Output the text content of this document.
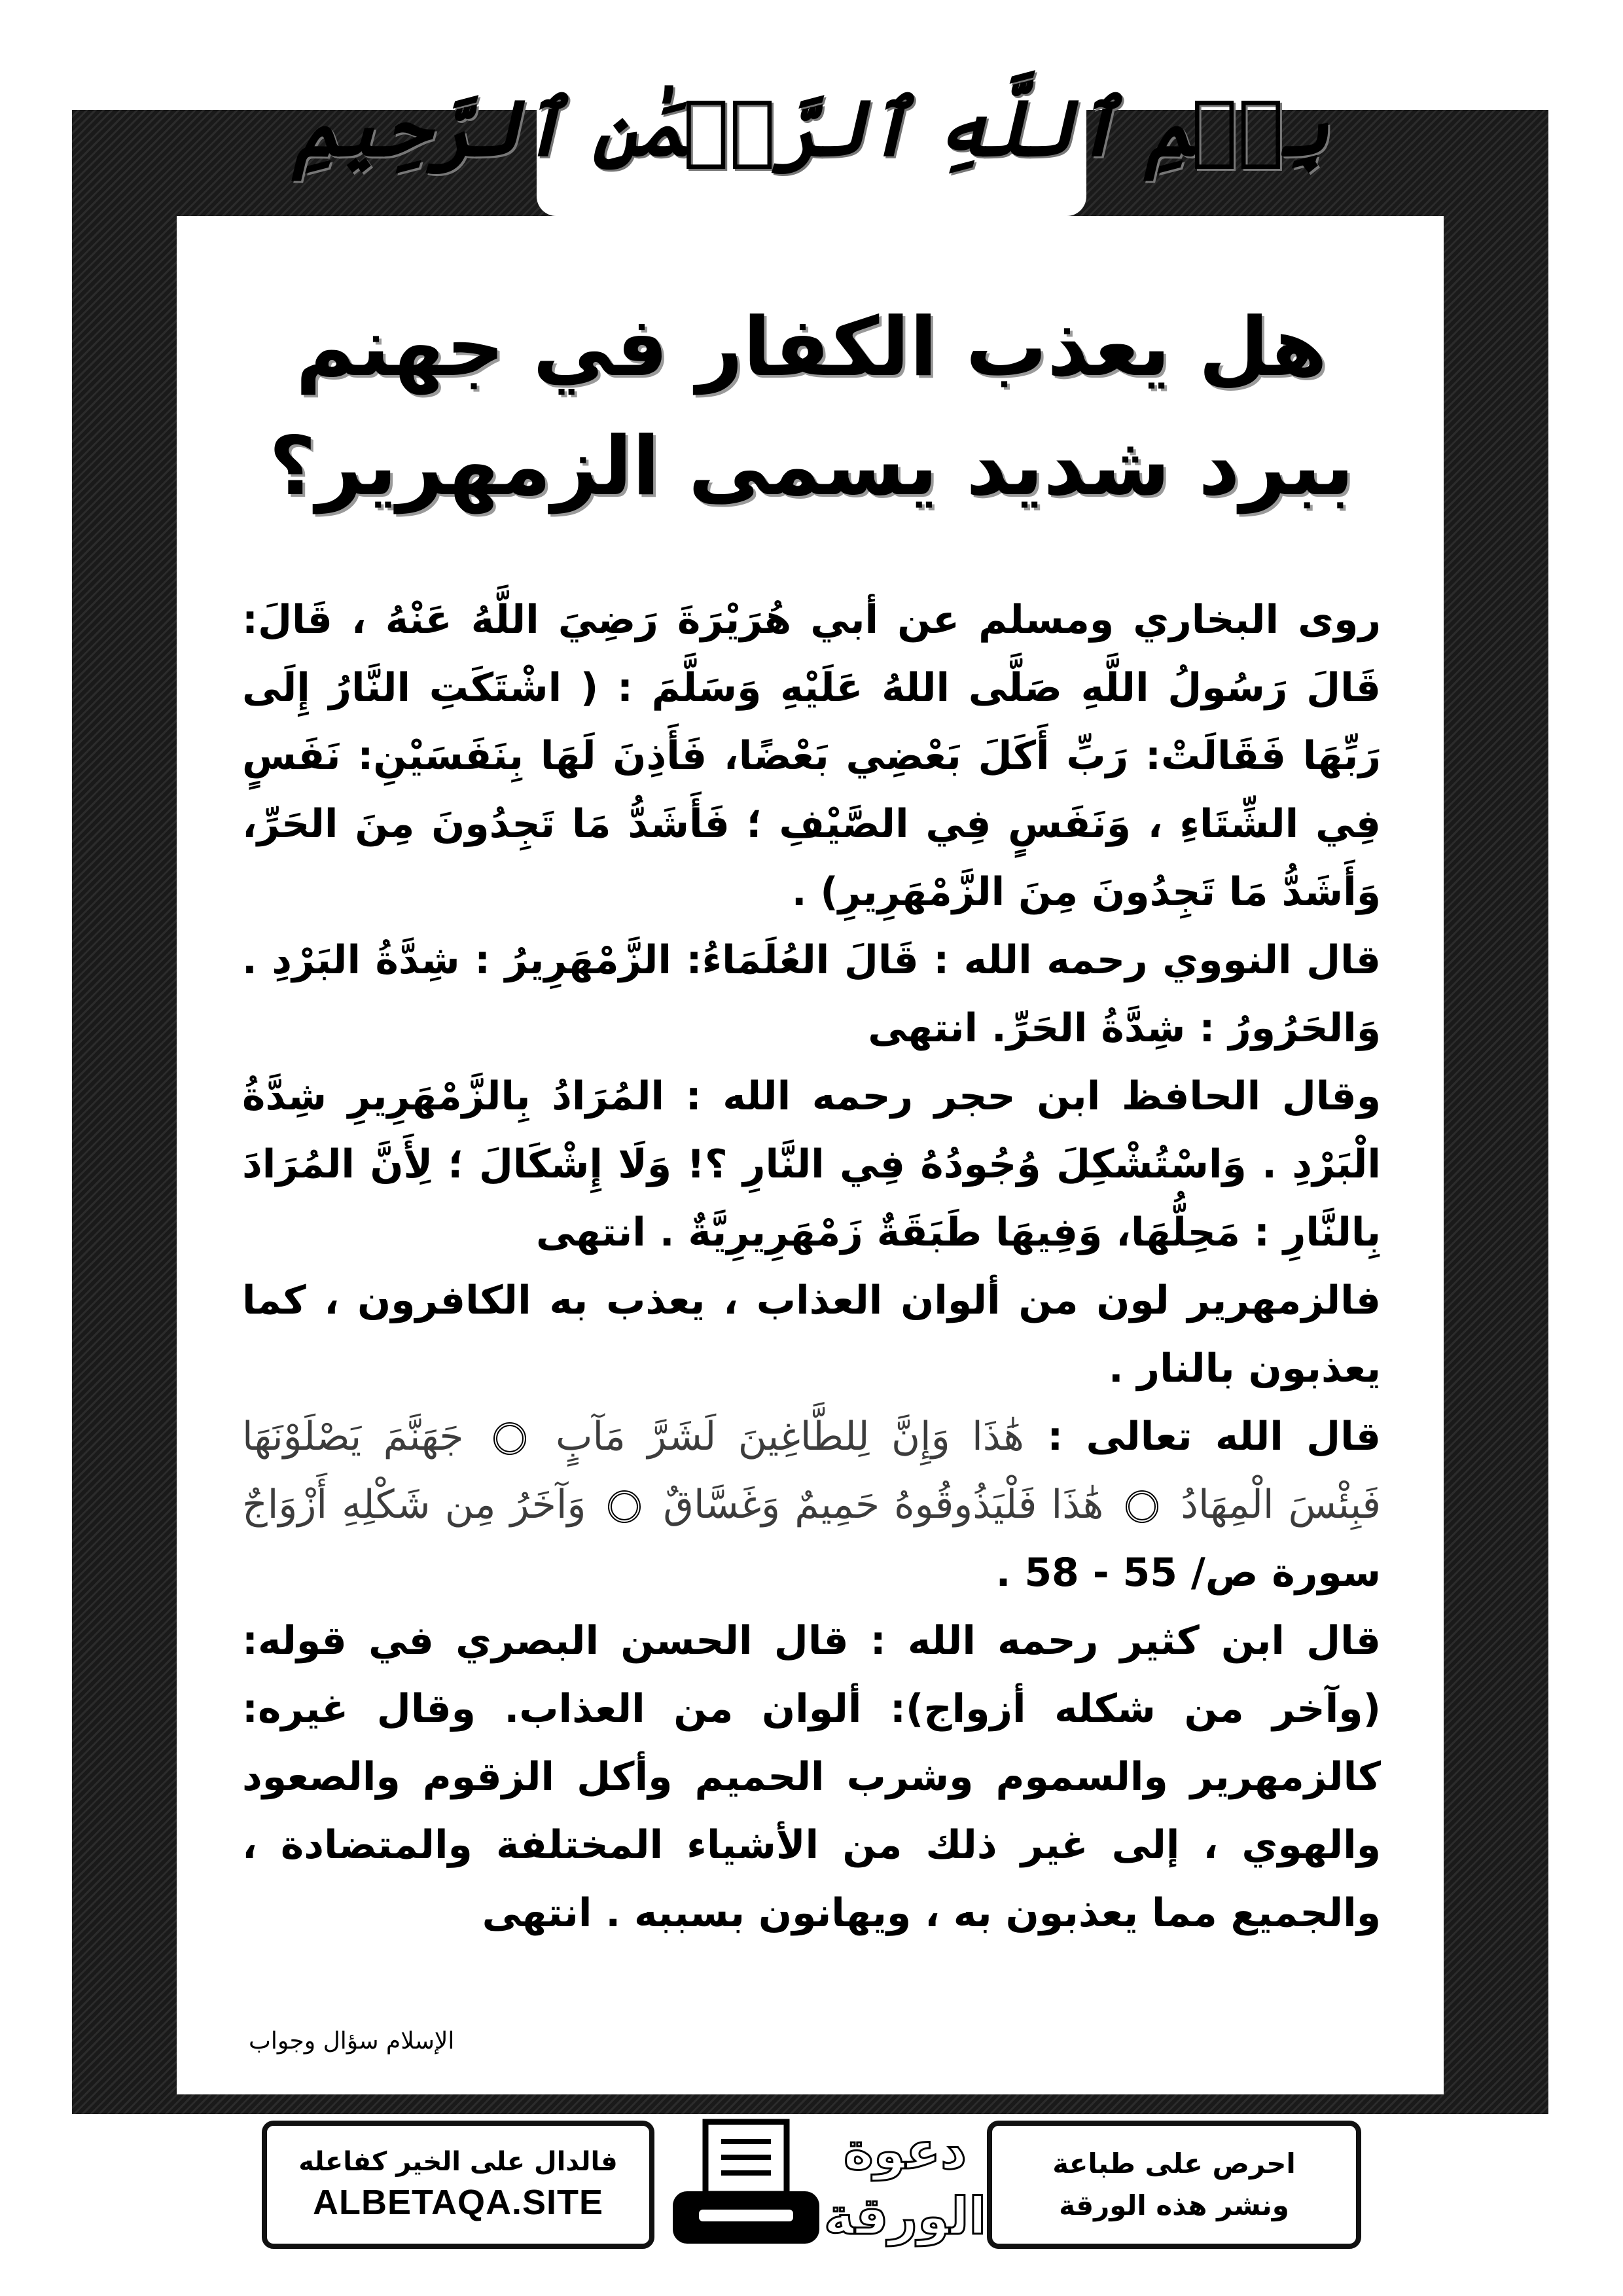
بِسۡمِ ٱللَّهِ ٱلرَّحۡمَٰنِ ٱلرَّحِيمِ
هل يعذب الكفار في جهنم
ببرد شديد يسمى الزمهرير؟

روى البخاري ومسلم عن أبي هُرَيْرَةَ رَضِيَ اللَّهُ عَنْهُ ، قَالَ: قَالَ رَسُولُ اللَّهِ صَلَّى اللهُ عَلَيْهِ وَسَلَّمَ : ( اشْتَكَتِ النَّارُ إِلَى رَبِّهَا فَقَالَتْ: رَبِّ أَكَلَ بَعْضِي بَعْضًا، فَأَذِنَ لَهَا بِنَفَسَيْنِ: نَفَسٍ فِي الشِّتَاءِ ، وَنَفَسٍ فِي الصَّيْفِ ؛ فَأَشَدُّ مَا تَجِدُونَ مِنَ الحَرِّ، وَأَشَدُّ مَا تَجِدُونَ مِنَ الزَّمْهَرِيرِ) .

قال النووي رحمه الله : قَالَ العُلَمَاءُ: الزَّمْهَرِيرُ : شِدَّةُ البَرْدِ . وَالحَرُورُ : شِدَّةُ الحَرِّ. انتهى

وقال الحافظ ابن حجر رحمه الله : المُرَادُ بِالزَّمْهَرِيرِ شِدَّةُ الْبَرْدِ . وَاسْتُشْكِلَ وُجُودُهُ فِي النَّارِ ؟! وَلَا إِشْكَالَ ؛ لِأَنَّ المُرَادَ بِالنَّارِ : مَحِلُّهَا، وَفِيهَا طَبَقَةٌ زَمْهَرِيرِيَّةٌ . انتهى

فالزمهرير لون من ألوان العذاب ، يعذب به الكافرون ، كما يعذبون بالنار .

قال الله تعالى : هَٰذَا وَإِنَّ لِلطَّاغِينَ لَشَرَّ مَآبٍ  جَهَنَّمَ يَصْلَوْنَهَا فَبِئْسَ الْمِهَادُ  هَٰذَا فَلْيَذُوقُوهُ حَمِيمٌ وَغَسَّاقٌ  وَآخَرُ مِن شَكْلِهِ أَزْوَاجٌ سورة ص/ 55 - 58 .

قال ابن كثير رحمه الله : قال الحسن البصري في قوله: (وآخر من شكله أزواج): ألوان من العذاب. وقال غيره: كالزمهرير والسموم وشرب الحميم وأكل الزقوم والصعود والهوي ، إلى غير ذلك من الأشياء المختلفة والمتضادة ، والجميع مما يعذبون به ، ويهانون بسببه . انتهى

الإسلام سؤال وجواب
فالدال على الخير كفاعله
ALBETAQA.SITE
دعوة
الورقة
احرص على طباعة
ونشر هذه الورقة
